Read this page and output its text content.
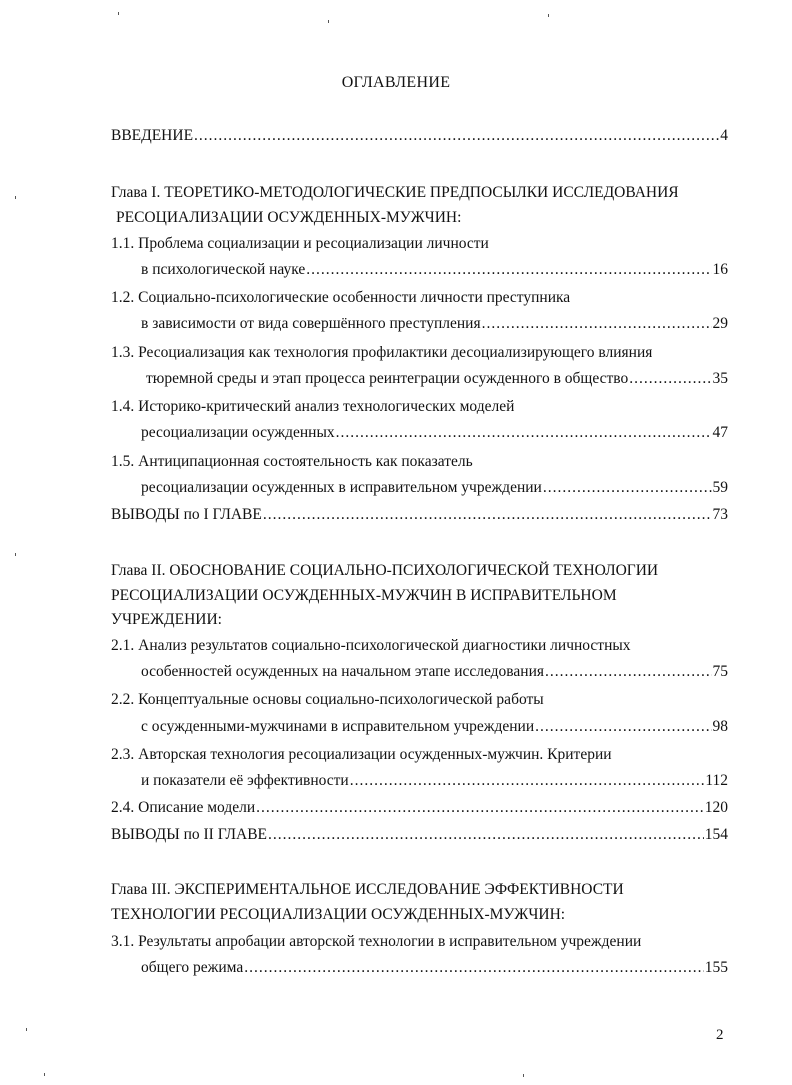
ОГЛАВЛЕНИЕ
ВВЕДЕНИЕ .....	4
Глава I. ТЕОРЕТИКО-МЕТОДОЛОГИЧЕСКИЕ ПРЕДПОСЫЛКИ ИССЛЕДОВАНИЯ
РЕСОЦИАЛИЗАЦИИ ОСУЖДЕННЫХ-МУЖЧИН:
1.1. Проблема социализации и ресоциализации личности
в психологической науке .....	16
1.2. Социально-психологические особенности личности преступника
в зависимости от вида совершённого преступления .....	29
1.3. Ресоциализация как технология профилактики десоциализирующего влияния
тюремной среды и этап процесса реинтеграции осужденного в общество .....	35
1.4. Историко-критический анализ технологических моделей
ресоциализации осужденных .....	47
1.5. Антиципационная состоятельность как показатель
ресоциализации осужденных в исправительном учреждении .....	59
ВЫВОДЫ по I ГЛАВЕ .....	73
Глава II. ОБОСНОВАНИЕ СОЦИАЛЬНО-ПСИХОЛОГИЧЕСКОЙ ТЕХНОЛОГИИ
РЕСОЦИАЛИЗАЦИИ ОСУЖДЕННЫХ-МУЖЧИН В ИСПРАВИТЕЛЬНОМ
УЧРЕЖДЕНИИ:
2.1. Анализ результатов социально-психологической диагностики личностных
особенностей осужденных на начальном этапе исследования .....	75
2.2. Концептуальные основы социально-психологической работы
с осужденными-мужчинами в исправительном учреждении .....	98
2.3. Авторская технология ресоциализации осужденных-мужчин. Критерии
и показатели её эффективности .....	112
2.4. Описание модели .....	120
ВЫВОДЫ по II ГЛАВЕ .....	154
Глава III. ЭКСПЕРИМЕНТАЛЬНОЕ ИССЛЕДОВАНИЕ ЭФФЕКТИВНОСТИ
ТЕХНОЛОГИИ РЕСОЦИАЛИЗАЦИИ ОСУЖДЕННЫХ-МУЖЧИН:
3.1. Результаты апробации авторской технологии в исправительном учреждении
общего режима .....	155
2
